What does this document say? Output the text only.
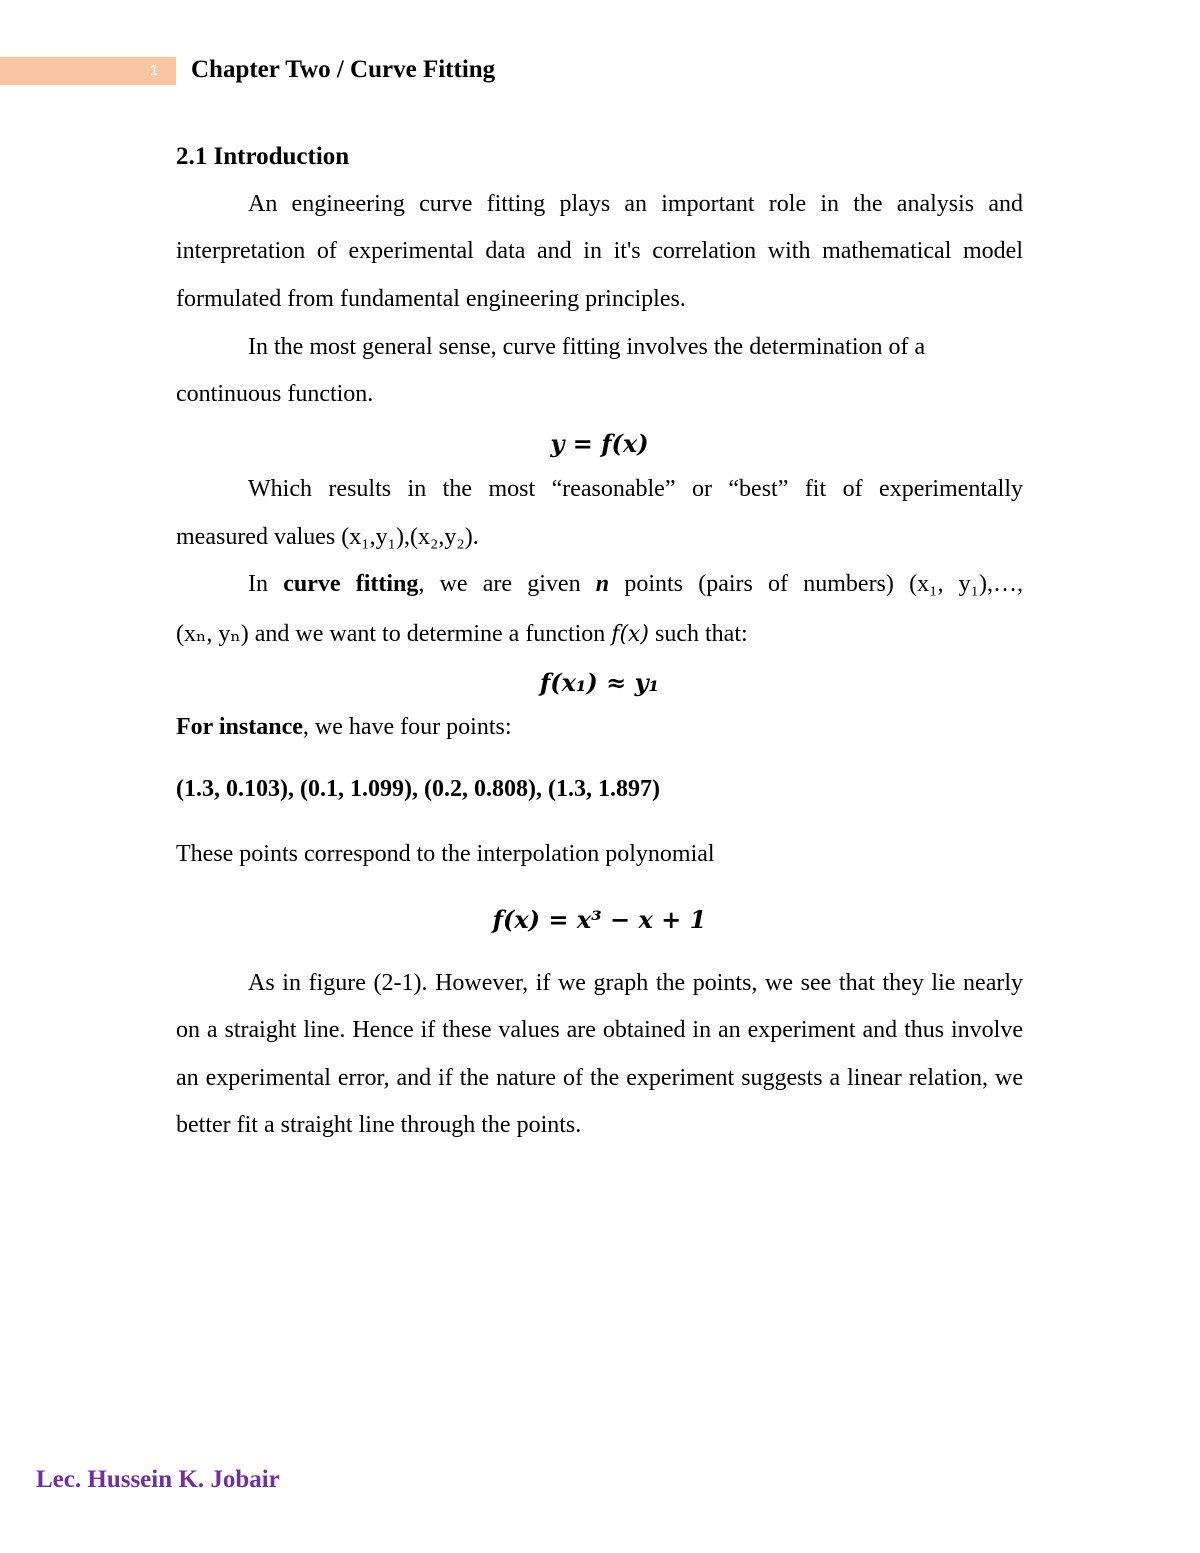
1 Chapter Two / Curve Fitting
2.1 Introduction

An engineering curve fitting plays an important role in the analysis and interpretation of experimental data and in it's correlation with mathematical model formulated from fundamental engineering principles.

In the most general sense, curve fitting involves the determination of a continuous function.

y = f(x)
Which results in the most “reasonable” or “best” fit of experimentally
measured values (x₁,y₁),(x₂,y₂).
In curve fitting, we are given n points (pairs of numbers) (x₁, y₁),…,
(xₙ, yₙ) and we want to determine a function f(x) such that:
f(x₁) ≈ y₁
For instance, we have four points:
(1.3, 0.103), (0.1, 1.099), (0.2, 0.808), (1.3, 1.897)
These points correspond to the interpolation polynomial
f(x) = x³ − x + 1

As in figure (2-1). However, if we graph the points, we see that they lie nearly on a straight line. Hence if these values are obtained in an experiment and thus involve an experimental error, and if the nature of the experiment suggests a linear relation, we better fit a straight line through the points.

Lec. Hussein K. Jobair
